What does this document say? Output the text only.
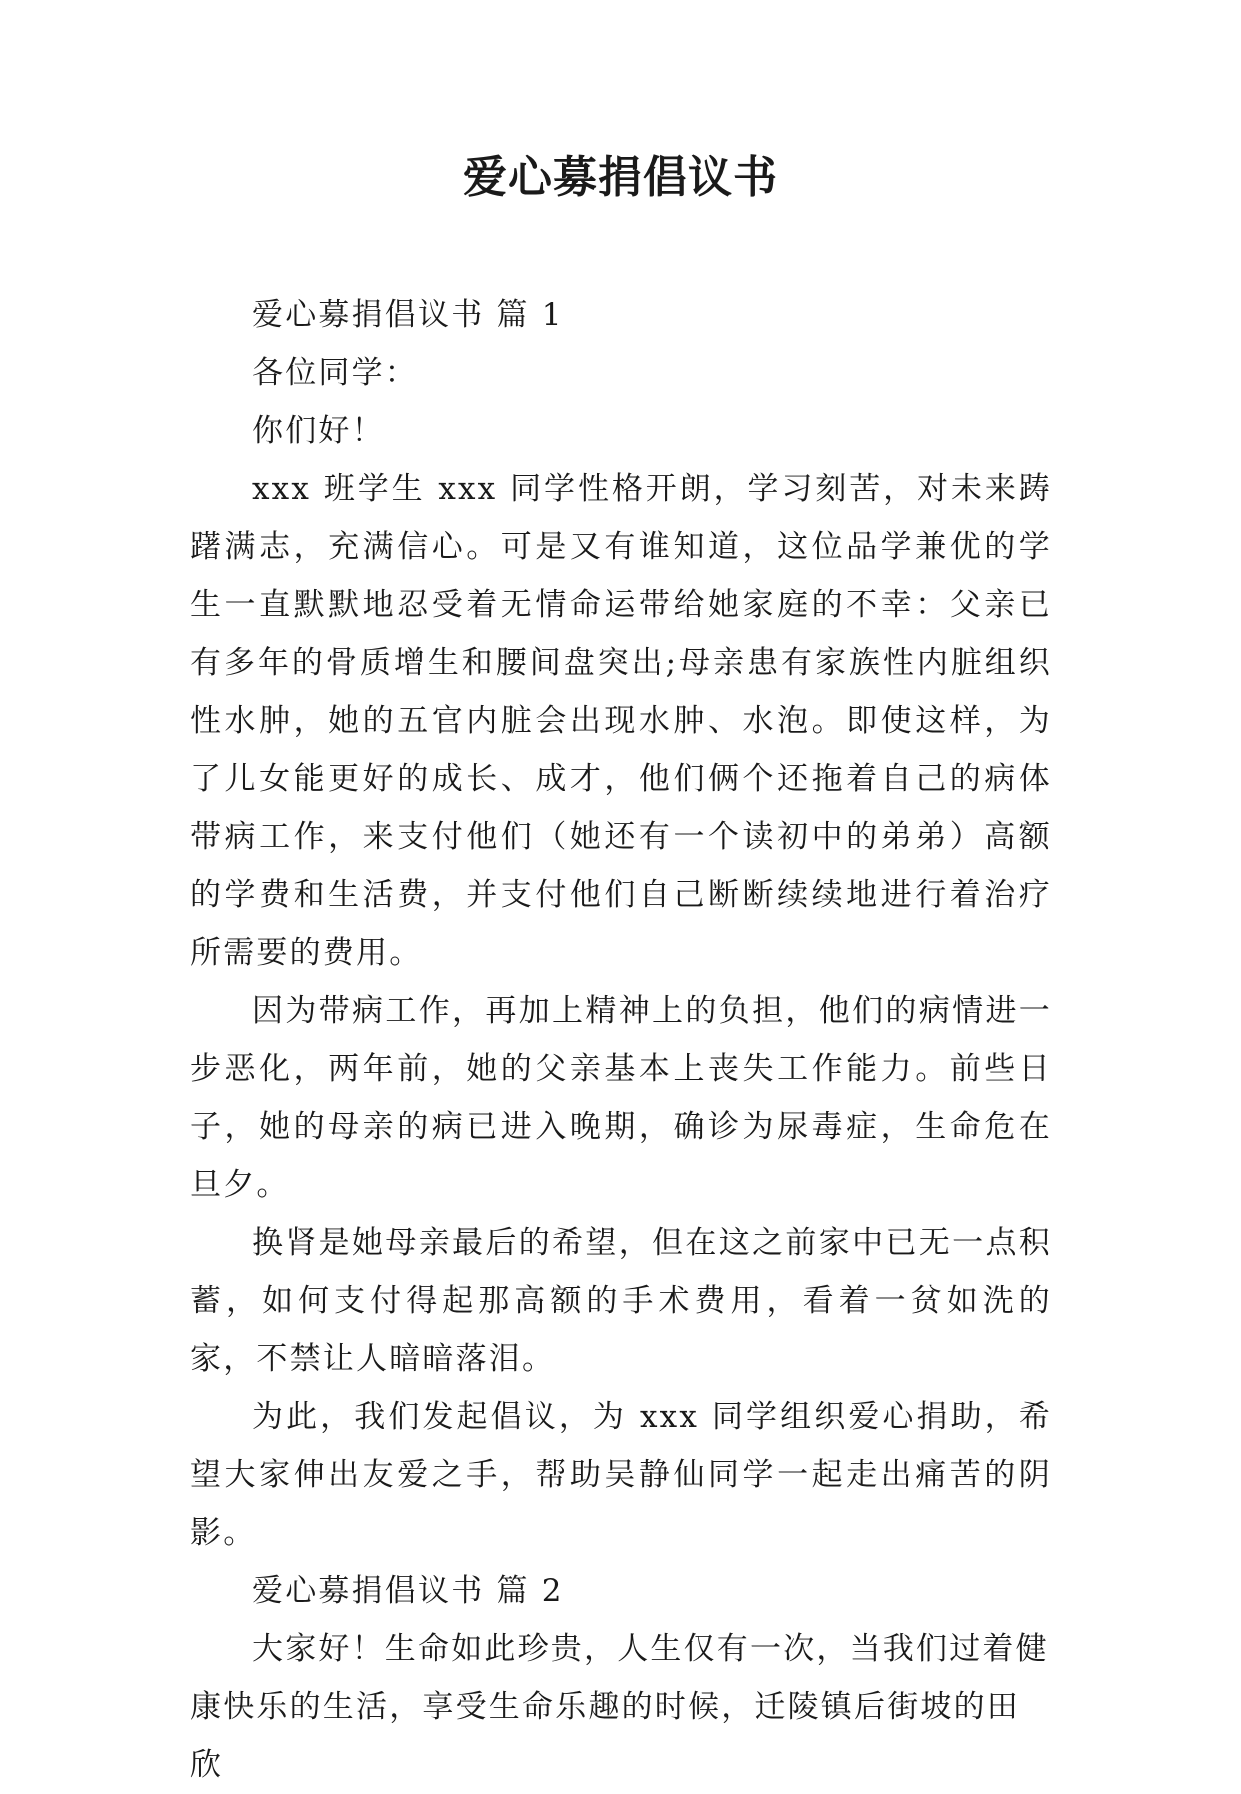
爱心募捐倡议书

爱心募捐倡议书 篇 1

各位同学：

你们好！

xxx 班学生 xxx 同学性格开朗，学习刻苦，对未来踌躇满志，充满信心。可是又有谁知道，这位品学兼优的学生一直默默地忍受着无情命运带给她家庭的不幸：父亲已有多年的骨质增生和腰间盘突出;母亲患有家族性内脏组织性水肿，她的五官内脏会出现水肿、水泡。即使这样，为了儿女能更好的成长、成才，他们俩个还拖着自己的病体带病工作，来支付他们（她还有一个读初中的弟弟）高额的学费和生活费，并支付他们自己断断续续地进行着治疗所需要的费用。

因为带病工作，再加上精神上的负担，他们的病情进一步恶化，两年前，她的父亲基本上丧失工作能力。前些日子，她的母亲的病已进入晚期，确诊为尿毒症，生命危在旦夕。

换肾是她母亲最后的希望，但在这之前家中已无一点积蓄，如何支付得起那高额的手术费用，看着一贫如洗的家，不禁让人暗暗落泪。

为此，我们发起倡议，为 xxx 同学组织爱心捐助，希望大家伸出友爱之手，帮助吴静仙同学一起走出痛苦的阴影。

爱心募捐倡议书 篇 2

大家好！生命如此珍贵，人生仅有一次，当我们过着健康快乐的生活，享受生命乐趣的时候，迁陵镇后街坡的田欣
